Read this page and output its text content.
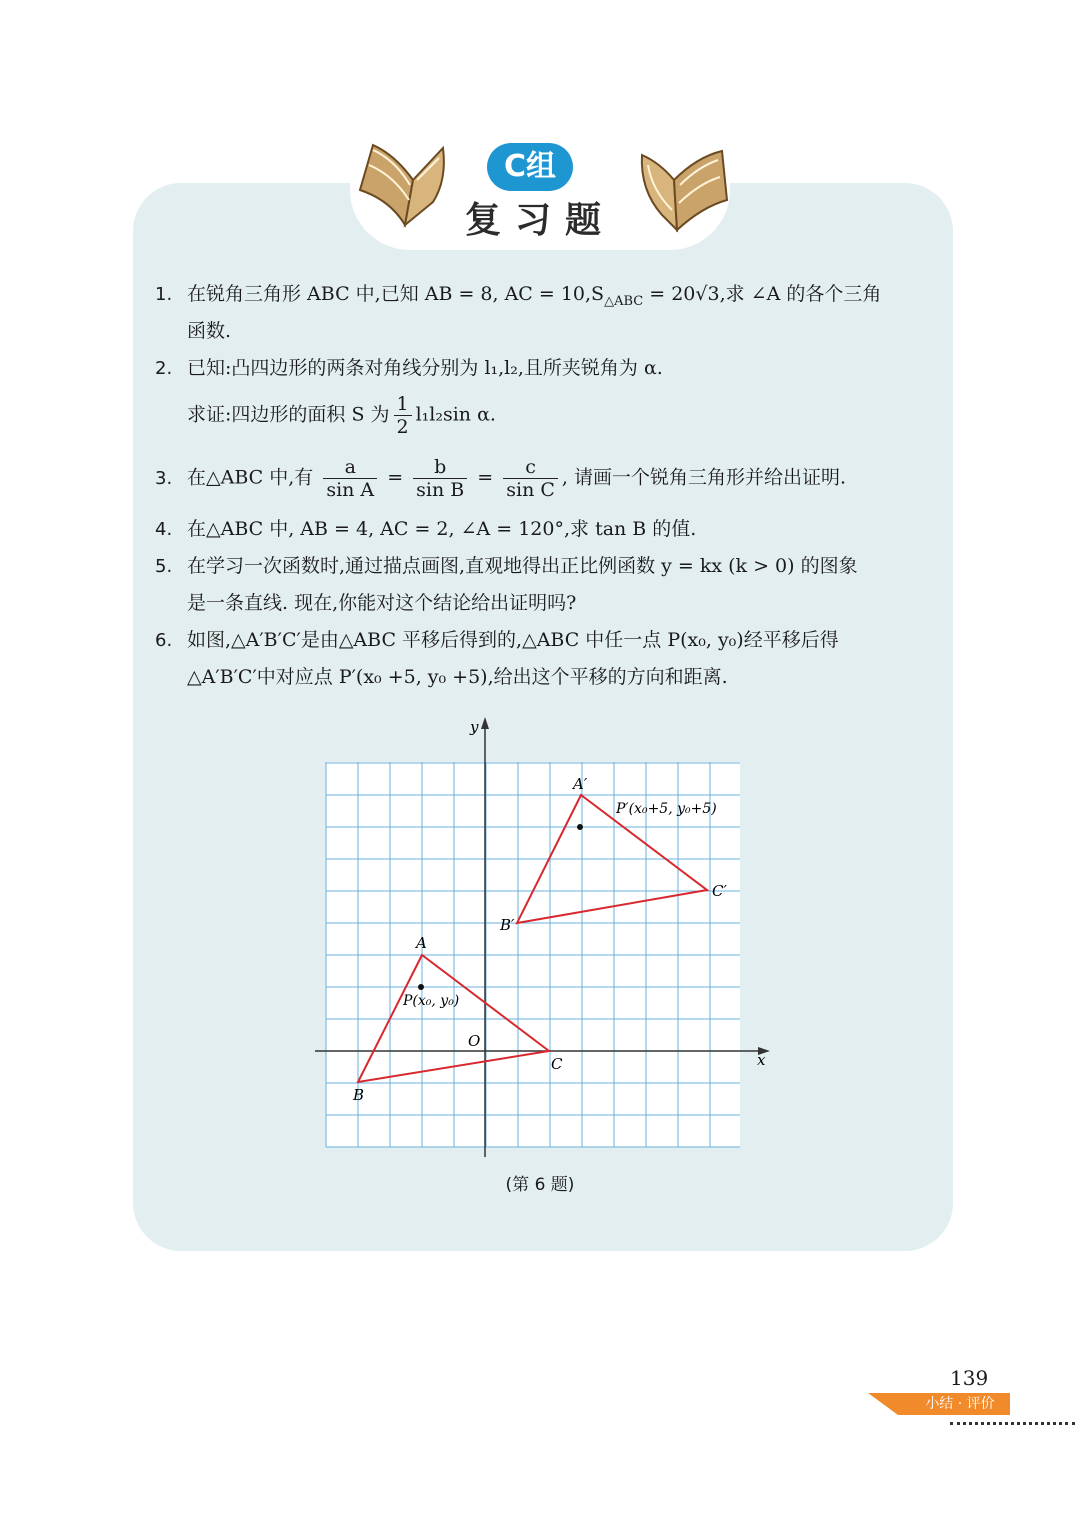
C组
复习题
1. 在锐角三角形 ABC 中,已知 AB = 8, AC = $10,S_{\triangle ABC} = 20√3$,求 ∠A 的各个三角
函数.
2. 已知:凸四边形的两条对角线分别为 l₁,l₂,且所夹锐角为 α.
求证:四边形的面积 S 为 $\frac{1}{2} l_1l_2\sin$ α.
3. 在△ABC 中,有 $\frac{a}{\text{sin A}} = \frac{b}{\text{sin B}} = \frac{c}{\text{sin C}}$ , 请画一个锐角三角形并给出证明.
4. 在△ABC 中, AB = 4, AC = 2, ∠A = 120°,求 tan B 的值.
5. 在学习一次函数时,通过描点画图,直观地得出正比例函数 y = kx (k > 0) 的图象
是一条直线. 现在,你能对这个结论给出证明吗?
6. 如图,△A′B′C′是由△ABC 平移后得到的,△ABC 中任一点 P(x₀, y₀)经平移后得
△A′B′C′中对应点 P′(x₀ +5, y₀ +5),给出这个平移的方向和距离.
y
x
O
A
B
C
P(x₀, y₀)
A′
B′
C′
P′(x₀+5, y₀+5)
(第 6 题)
139
小结 · 评价
